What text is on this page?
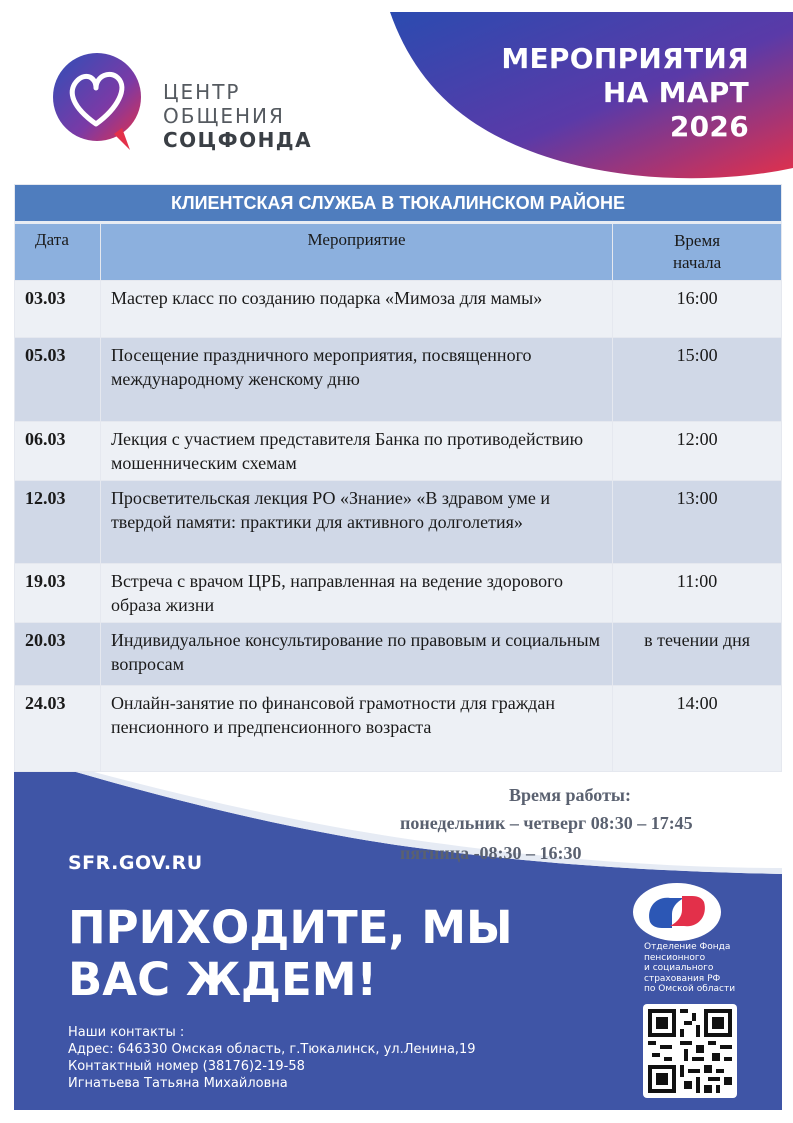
МЕРОПРИЯТИЯ
НА МАРТ
2026
ЦЕНТР
ОБЩЕНИЯ
СОЦФОНДА
КЛИЕНТСКАЯ СЛУЖБА В ТЮКАЛИНСКОМ РАЙОНЕ		
Дата	Мероприятие	Время
начала
03.03	Мастер класс по созданию подарка «Мимоза для мамы»	16:00
05.03	Посещение праздничного мероприятия, посвященного международному женскому дню	15:00
06.03	Лекция с участием представителя Банка по противодействию мошенническим схемам	12:00
12.03	Просветительская лекция РО «Знание» «В здравом уме и твердой памяти: практики для активного долголетия»	13:00
19.03	Встреча с врачом ЦРБ, направленная на ведение здорового образа жизни	11:00
20.03	Индивидуальное консультирование по правовым и социальным вопросам	в течении дня
24.03	Онлайн-занятие по финансовой грамотности для граждан пенсионного и предпенсионного возраста	14:00
Время работы:
понедельник – четверг 08:30 – 17:45
пятница -08:30 – 16:30
SFR.GOV.RU
ПРИХОДИТЕ, МЫ
ВАС ЖДЕМ!
Наши контакты :
Адрес: 646330 Омская область, г.Тюкалинск, ул.Ленина,19
Контактный номер (38176)2-19-58
Игнатьева Татьяна Михайловна
Отделение Фонда
пенсионного
и социального
страхования РФ
по Омской области
